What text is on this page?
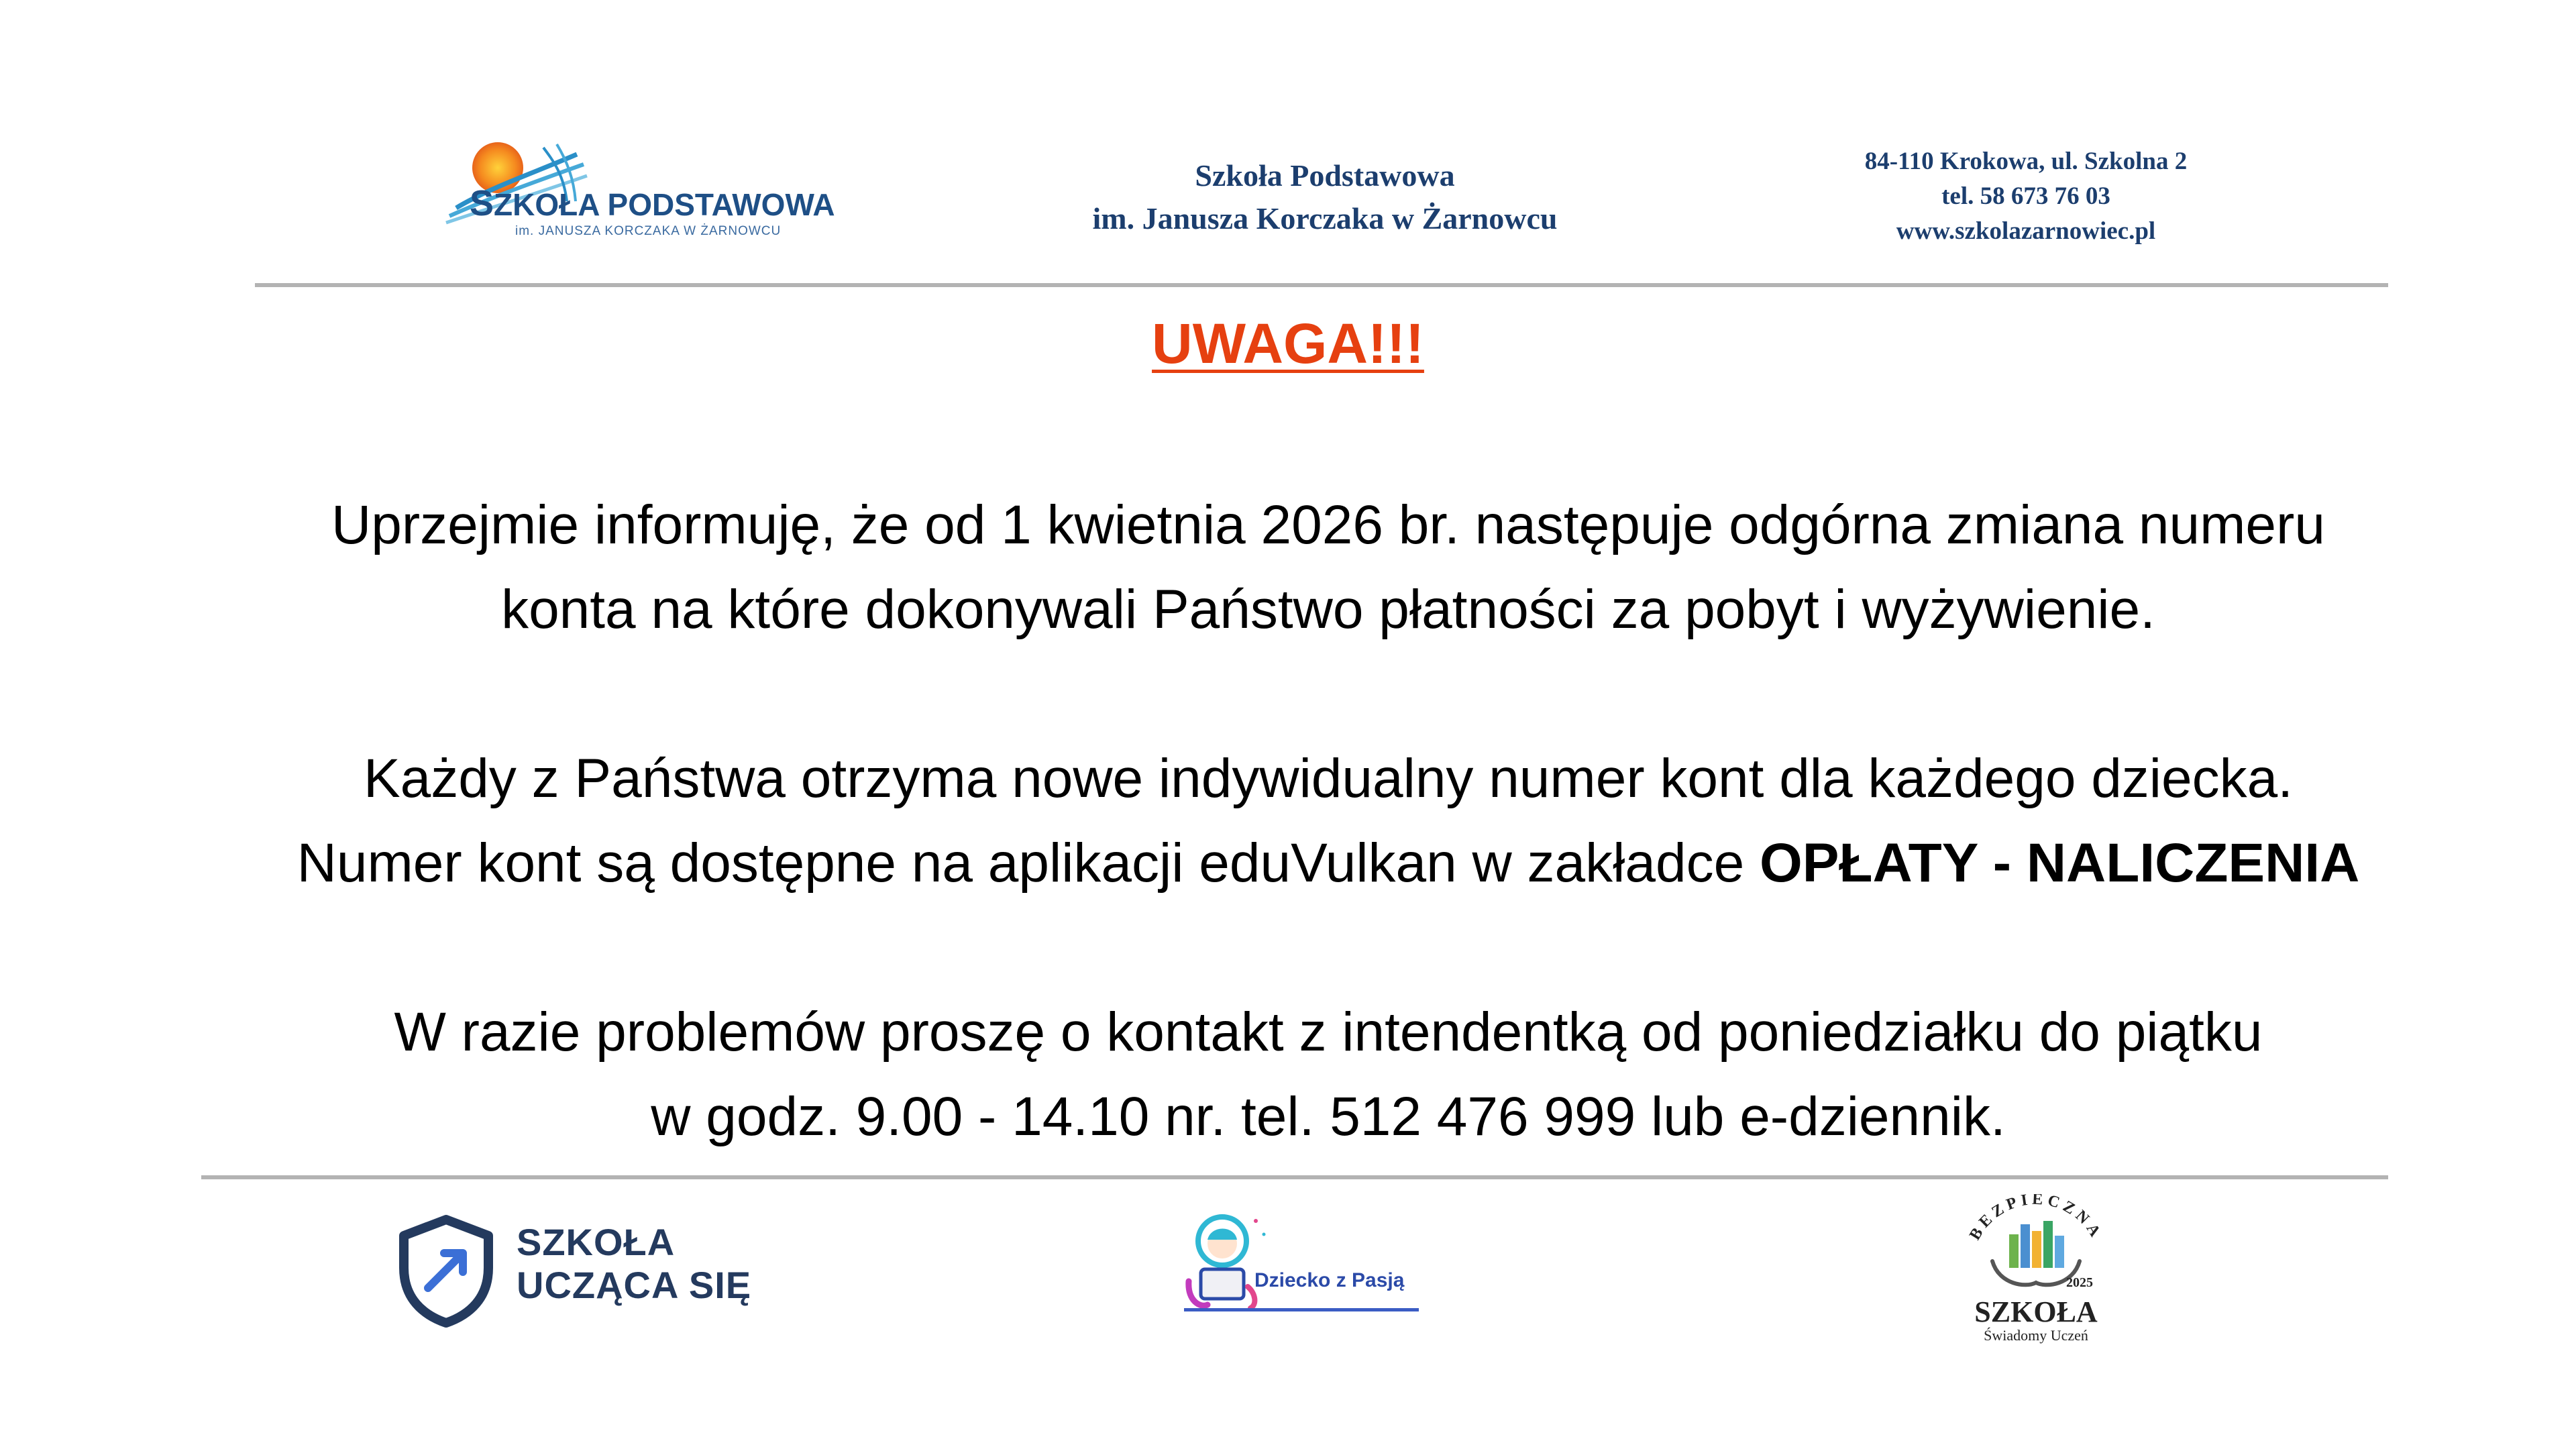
SZKOŁA PODSTAWOWA
im. JANUSZA KORCZAKA W ŻARNOWCU
Szkoła Podstawowa
im. Janusza Korczaka w Żarnowcu
84-110 Krokowa, ul. Szkolna 2
tel. 58 673 76 03
www.szkolazarnowiec.pl
UWAGA!!!
Uprzejmie informuję, że od 1 kwietnia 2026 br. następuje odgórna zmiana numeru
konta na które dokonywali Państwo płatności za pobyt i wyżywienie.
Każdy z Państwa otrzyma nowe indywidualny numer kont dla każdego dziecka.
Numer kont są dostępne na aplikacji eduVulkan w zakładce OPŁATY - NALICZENIA
W razie problemów proszę o kontakt z intendentką od poniedziałku do piątku
w godz. 9.00 - 14.10 nr. tel. 512 476 999 lub e-dziennik.
SZKOŁA
UCZĄCA SIĘ	Dziecko z Pasją
BEZPIECZNA
2025
SZKOŁA
Świadomy Uczeń
